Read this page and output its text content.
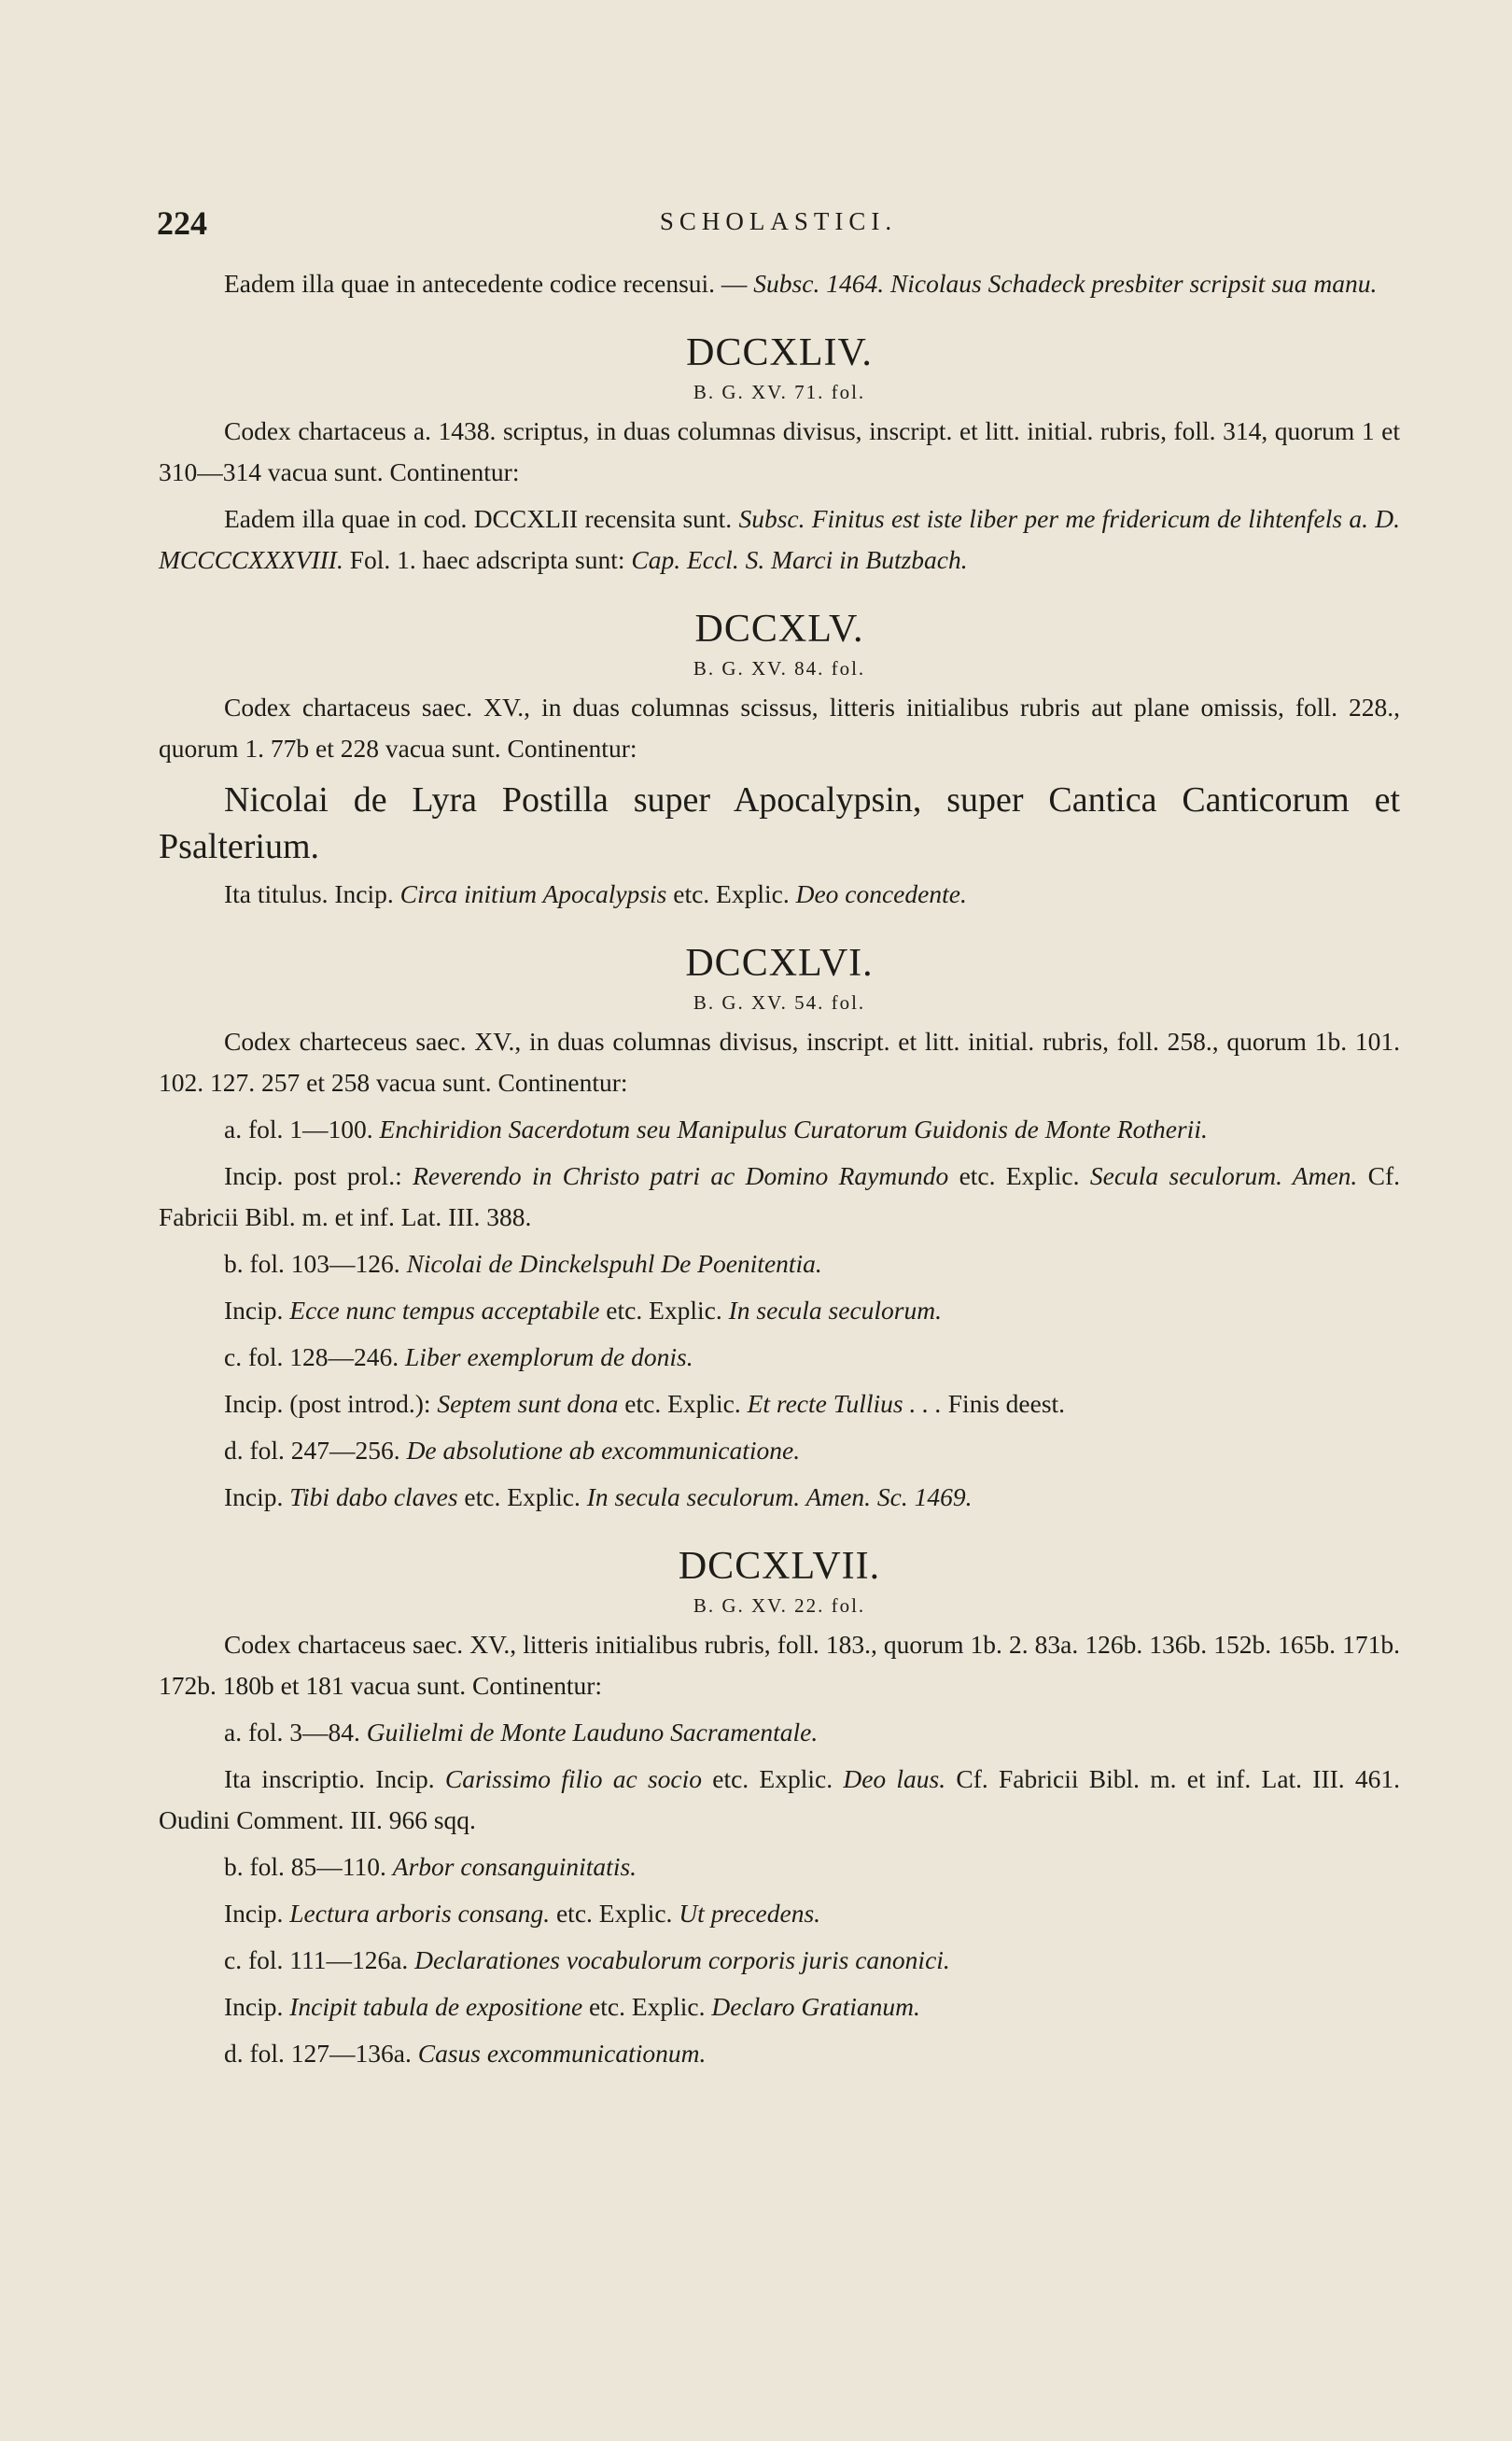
224	SCHOLASTICI.

Eadem illa quae in antecedente codice recensui. — Subsc. 1464. Nicolaus Schadeck presbiter scripsit sua manu.

DCCXLIV.
B. G. XV. 71. fol.

Codex chartaceus a. 1438. scriptus, in duas columnas divisus, inscript. et litt. initial. rubris, foll. 314, quorum 1 et 310—314 vacua sunt. Continentur:

Eadem illa quae in cod. DCCXLII recensita sunt. Subsc. Finitus est iste liber per me fridericum de lihtenfels a. D. MCCCCXXXVIII. Fol. 1. haec adscripta sunt: Cap. Eccl. S. Marci in Butzbach.

DCCXLV.
B. G. XV. 84. fol.

Codex chartaceus saec. XV., in duas columnas scissus, litteris initialibus rubris aut plane omissis, foll. 228., quorum 1. 77b et 228 vacua sunt. Continentur:

Nicolai de Lyra Postilla super Apocalypsin, super Cantica Canticorum et Psalterium.

Ita titulus. Incip. Circa initium Apocalypsis etc. Explic. Deo concedente.

DCCXLVI.
B. G. XV. 54. fol.

Codex charteceus saec. XV., in duas columnas divisus, inscript. et litt. initial. rubris, foll. 258., quorum 1b. 101. 102. 127. 257 et 258 vacua sunt. Continentur:

a. fol. 1—100. Enchiridion Sacerdotum seu Manipulus Curatorum Guidonis de Monte Rotherii.

Incip. post prol.: Reverendo in Christo patri ac Domino Raymundo etc. Explic. Secula seculorum. Amen. Cf. Fabricii Bibl. m. et inf. Lat. III. 388.

b. fol. 103—126. Nicolai de Dinckelspuhl De Poenitentia.

Incip. Ecce nunc tempus acceptabile etc. Explic. In secula seculorum.

c. fol. 128—246. Liber exemplorum de donis.

Incip. (post introd.): Septem sunt dona etc. Explic. Et recte Tullius . . . Finis deest.

d. fol. 247—256. De absolutione ab excommunicatione.

Incip. Tibi dabo claves etc. Explic. In secula seculorum. Amen. Sc. 1469.

DCCXLVII.
B. G. XV. 22. fol.

Codex chartaceus saec. XV., litteris initialibus rubris, foll. 183., quorum 1b. 2. 83a. 126b. 136b. 152b. 165b. 171b. 172b. 180b et 181 vacua sunt. Continentur:

a. fol. 3—84. Guilielmi de Monte Laudunо Sacramentale.

Ita inscriptio. Incip. Carissimo filio ac socio etc. Explic. Deo laus. Cf. Fabricii Bibl. m. et inf. Lat. III. 461. Oudini Comment. III. 966 sqq.

b. fol. 85—110. Arbor consanguinitatis.

Incip. Lectura arboris consang. etc. Explic. Ut precedens.

c. fol. 111—126a. Declarationes vocabulorum corporis juris canonici.

Incip. Incipit tabula de expositione etc. Explic. Declaro Gratianum.

d. fol. 127—136a. Casus excommunicationum.
